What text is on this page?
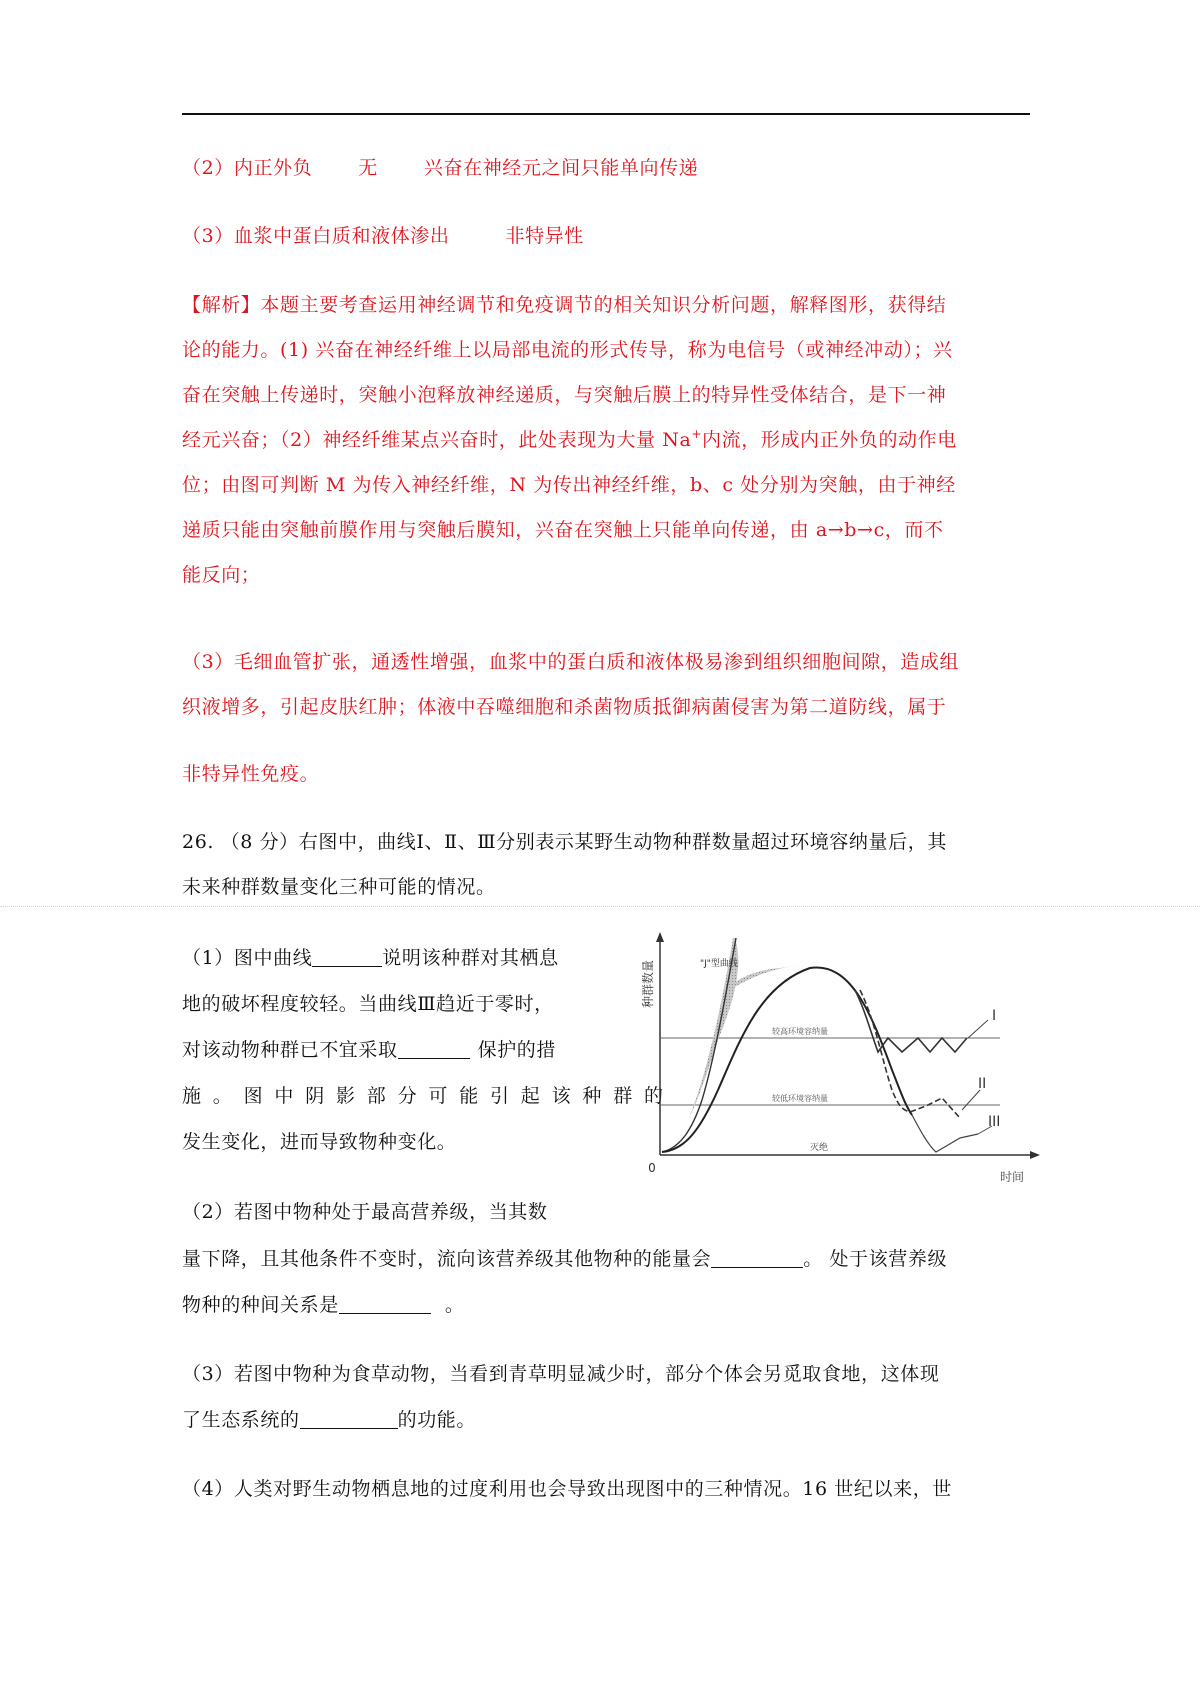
（2）内正外负 无 兴奋在神经元之间只能单向传递
（3）血浆中蛋白质和液体渗出	非特异性
【解析】本题主要考查运用神经调节和免疫调节的相关知识分析问题，解释图形，获得结
论的能力。(1) 兴奋在神经纤维上以局部电流的形式传导，称为电信号（或神经冲动）；兴
奋在突触上传递时，突触小泡释放神经递质，与突触后膜上的特异性受体结合，是下一神
经元兴奋；（2）神经纤维某点兴奋时，此处表现为大量 Na+内流，形成内正外负的动作电
位；由图可判断 M 为传入神经纤维，N 为传出神经纤维，b、c 处分别为突触，由于神经
递质只能由突触前膜作用与突触后膜知，兴奋在突触上只能单向传递，由 a→b→c，而不
能反向；
（3）毛细血管扩张，通透性增强，血浆中的蛋白质和液体极易渗到组织细胞间隙，造成组
织液增多，引起皮肤红肿；体液中吞噬细胞和杀菌物质抵御病菌侵害为第二道防线，属于
非特异性免疫。
26. （8 分）右图中，曲线Ⅰ、Ⅱ、Ⅲ分别表示某野生动物种群数量超过环境容纳量后，其
未来种群数量变化三种可能的情况。
（1）图中曲线	说明该种群对其栖息
地的破坏程度较轻。当曲线Ⅲ趋近于零时，
对该动物种群已不宜采取	保护的措
施。图中阴影部分可能引起该种群的
发生变化，进而导致物种变化。
（2）若图中物种处于最高营养级，当其数
量下降，且其他条件不变时，流向该营养级其他物种的能量会	。 处于该营养级
物种的种间关系是	。
（3）若图中物种为食草动物，当看到青草明显减少时，部分个体会另觅取食地，这体现
了生态系统的	的功能。
（4）人类对野生动物栖息地的过度利用也会导致出现图中的三种情况。16 世纪以来，世
0
时间
种群数量
较高环境容纳量
较低环境容纳量
"J"型曲线
I
II
III
灭绝
